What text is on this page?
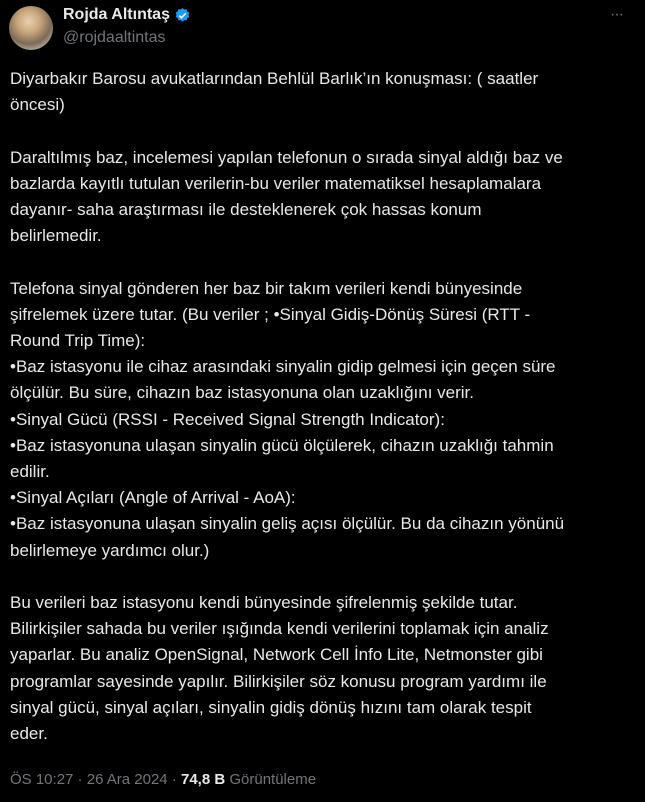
Rojda Altıntaş
@rojdaaltintas
···
Diyarbakır Barosu avukatlarından Behlül Barlık’ın konuşması: ( saatler
öncesi)
Daraltılmış baz, incelemesi yapılan telefonun o sırada sinyal aldığı baz ve
bazlarda kayıtlı tutulan verilerin-bu veriler matematiksel hesaplamalara
dayanır- saha araştırması ile desteklenerek çok hassas konum
belirlemedir.
Telefona sinyal gönderen her baz bir takım verileri kendi bünyesinde
şifrelemek üzere tutar. (Bu veriler ; •Sinyal Gidiş-Dönüş Süresi (RTT -
Round Trip Time):
•Baz istasyonu ile cihaz arasındaki sinyalin gidip gelmesi için geçen süre
ölçülür. Bu süre, cihazın baz istasyonuna olan uzaklığını verir.
•Sinyal Gücü (RSSI - Received Signal Strength Indicator):
•Baz istasyonuna ulaşan sinyalin gücü ölçülerek, cihazın uzaklığı tahmin
edilir.
•Sinyal Açıları (Angle of Arrival - AoA):
•Baz istasyonuna ulaşan sinyalin geliş açısı ölçülür. Bu da cihazın yönünü
belirlemeye yardımcı olur.)
Bu verileri baz istasyonu kendi bünyesinde şifrelenmiş şekilde tutar.
Bilirkişiler sahada bu veriler ışığında kendi verilerini toplamak için analiz
yaparlar. Bu analiz OpenSignal, Network Cell İnfo Lite, Netmonster gibi
programlar sayesinde yapılır. Bilirkişiler söz konusu program yardımı ile
sinyal gücü, sinyal açıları, sinyalin gidiş dönüş hızını tam olarak tespit
eder.
ÖS 10:27 · 26 Ara 2024 · 74,8 B Görüntüleme
